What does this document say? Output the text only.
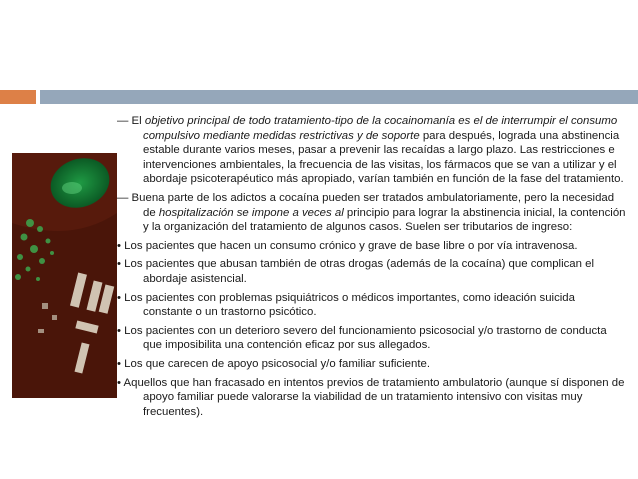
— El objetivo principal de todo tratamiento-tipo de la cocainomanía es el de interrumpir el consumo compulsivo mediante medidas restrictivas y de soporte para después, lograda una abstinencia estable durante varios meses, pasar a prevenir las recaídas a largo plazo. Las restricciones e intervenciones ambientales, la frecuencia de las visitas, los fármacos que se van a utilizar y el abordaje psicoterapéutico más apropiado, varían también en función de la fase del tratamiento.

— Buena parte de los adictos a cocaína pueden ser tratados ambulatoriamente, pero la necesidad de hospitalización se impone a veces al principio para lograr la abstinencia inicial, la contención y la organización del tratamiento de algunos casos. Suelen ser tributarios de ingreso:

• Los pacientes que hacen un consumo crónico y grave de base libre o por vía intravenosa.

• Los pacientes que abusan también de otras drogas (además de la cocaína) que complican el abordaje asistencial.

• Los pacientes con problemas psiquiátricos o médicos importantes, como ideación suicida constante o un trastorno psicótico.

• Los pacientes con un deterioro severo del funcionamiento psicosocial y/o trastorno de conducta que imposibilita una contención eficaz por sus allegados.

• Los que carecen de apoyo psicosocial y/o familiar suficiente.

• Aquellos que han fracasado en intentos previos de tratamiento ambulatorio (aunque sí disponen de apoyo familiar puede valorarse la viabilidad de un tratamiento intensivo con visitas muy frecuentes).
